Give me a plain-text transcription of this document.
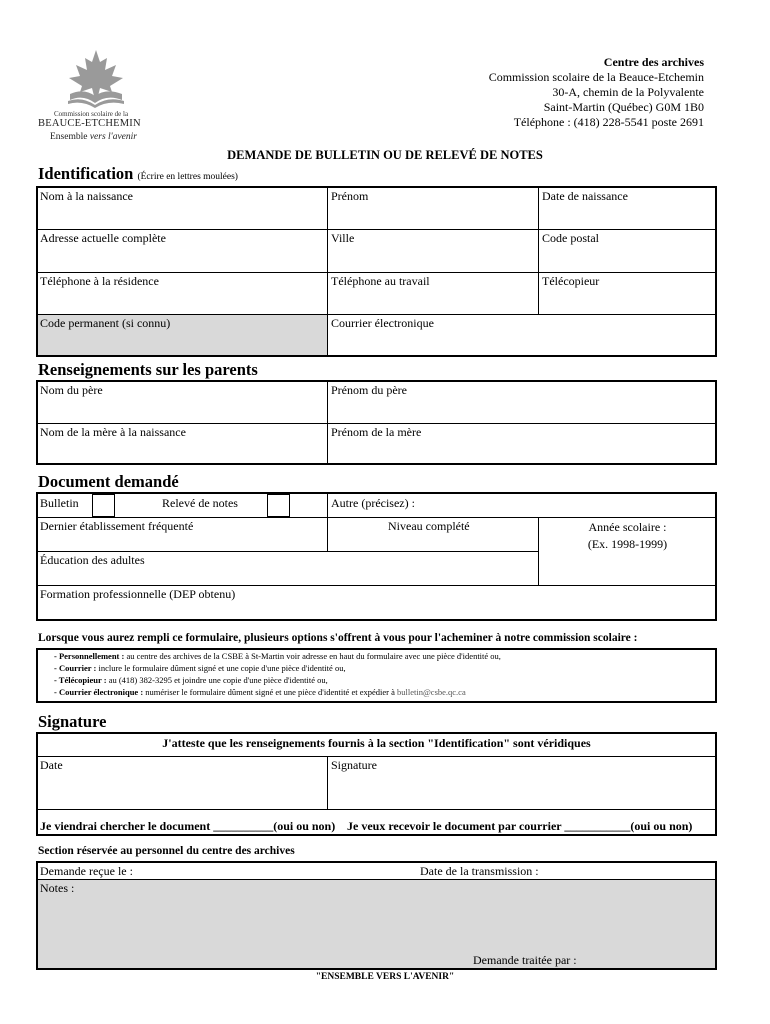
Commission scolaire de la
BEAUCE-ETCHEMIN
Ensemble vers l'avenir
Centre des archives
Commission scolaire de la Beauce-Etchemin
30-A, chemin de la Polyvalente
Saint-Martin (Québec) G0M 1B0
Téléphone : (418) 228-5541 poste 2691
DEMANDE DE BULLETIN OU DE RELEVÉ DE NOTES
Identification (Écrire en lettres moulées)
Nom à la naissance	Prénom	Date de naissance
Adresse actuelle complète	Ville	Code postal
Téléphone à la résidence	Téléphone au travail	Télécopieur
Code permanent (si connu)	Courrier électronique
Renseignements sur les parents
Nom du père	Prénom du père
Nom de la mère à la naissance	Prénom de la mère
Document demandé
Bulletin	Relevé de notes	Autre (précisez) :
Dernier établissement fréquenté	Niveau complété	Année scolaire :
(Ex. 1998-1999)
Éducation des adultes
Formation professionnelle (DEP obtenu)
Lorsque vous aurez rempli ce formulaire, plusieurs options s'offrent à vous pour l'acheminer à notre commission scolaire :
- Personnellement : au centre des archives de la CSBE à St-Martin voir adresse en haut du formulaire avec une pièce d'identité ou,
- Courrier : inclure le formulaire dûment signé et une copie d'une pièce d'identité ou,
- Télécopieur : au (418) 382-3295 et joindre une copie d'une pièce d'identité ou,
- Courrier électronique : numériser le formulaire dûment signé et une pièce d'identité et expédier à bulletin@csbe.qc.ca
Signature
J'atteste que les renseignements fournis à la section "Identification" sont véridiques
Date	Signature
Je viendrai chercher le document __________(oui ou non) Je veux recevoir le document par courrier ___________(oui ou non)
Section réservée au personnel du centre des archives
Demande reçue le :	Date de la transmission :
Notes :
Demande traitée par :
"ENSEMBLE VERS L'AVENIR"
